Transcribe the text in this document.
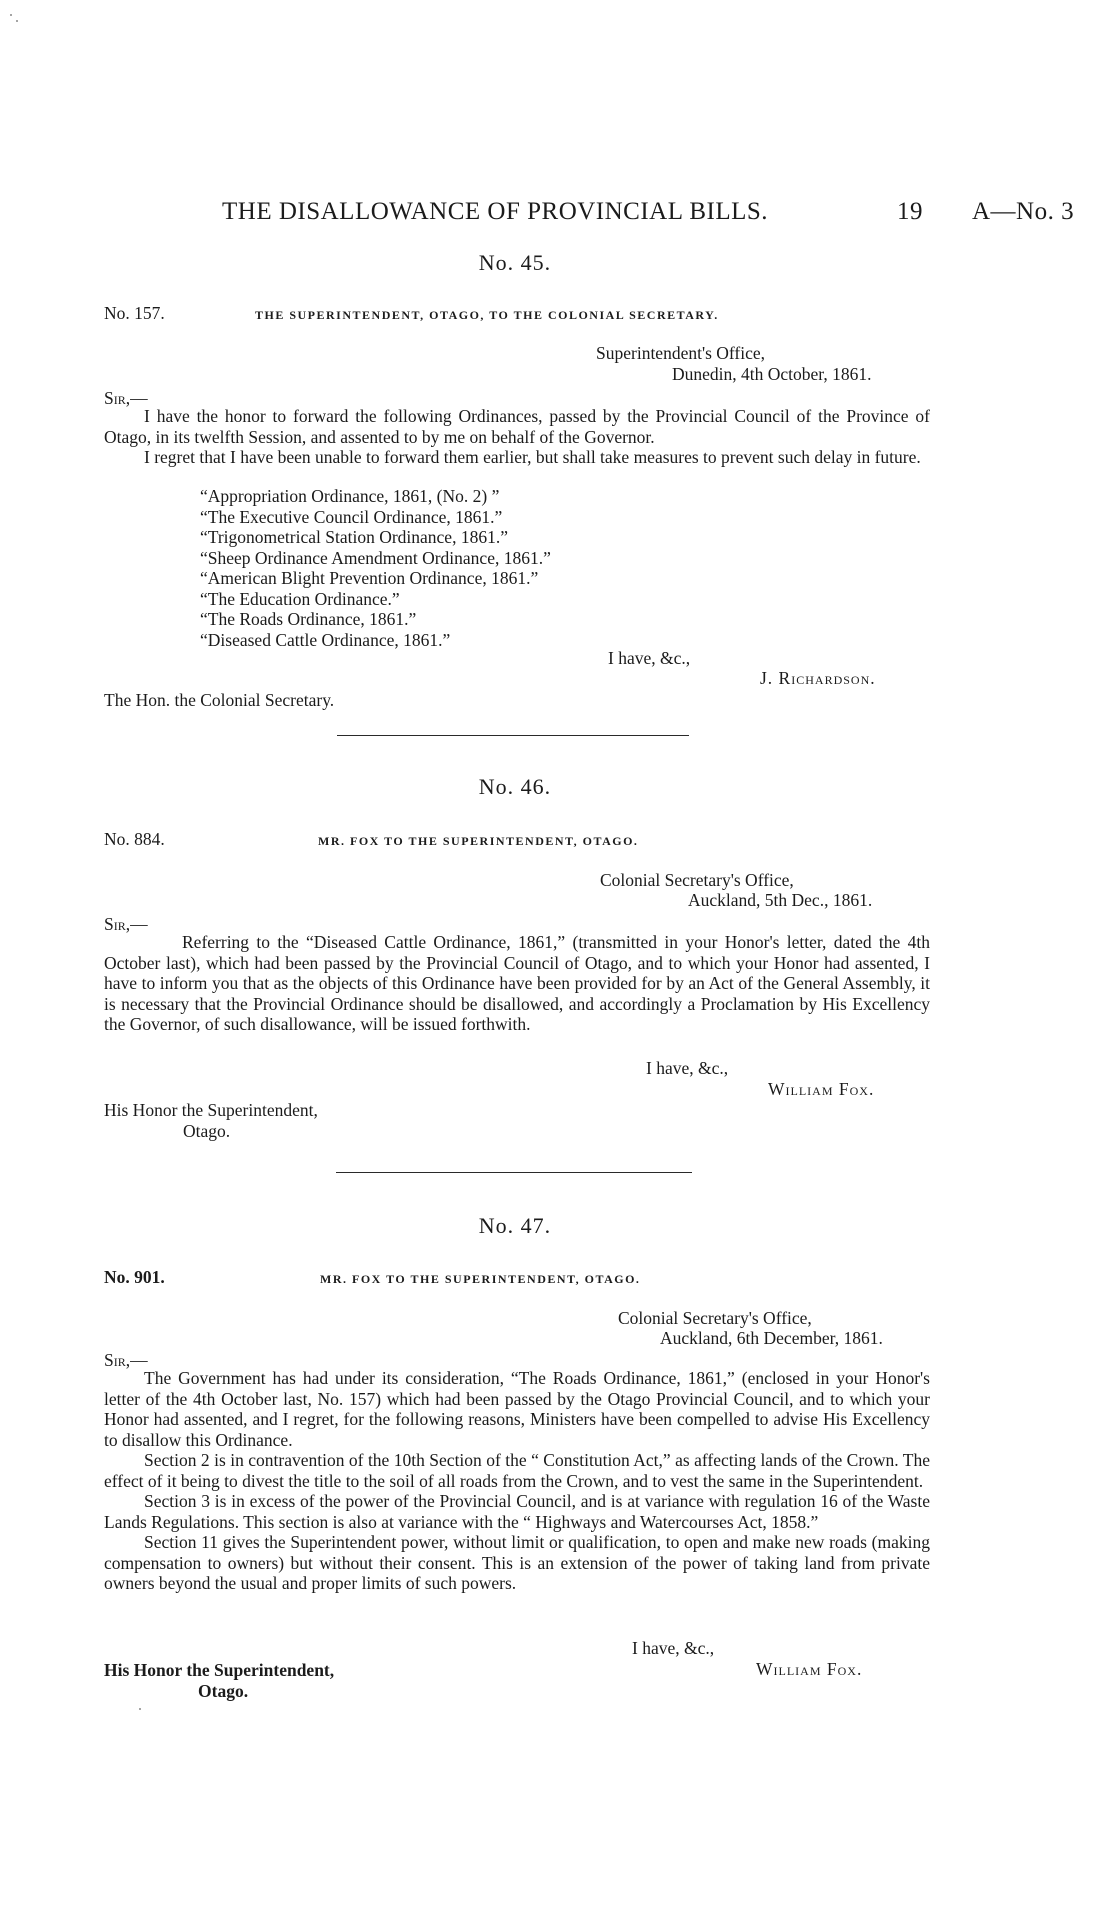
THE DISALLOWANCE OF PROVINCIAL BILLS.	19 A—No. 3
No. 45.
No. 157.	THE SUPERINTENDENT, OTAGO, TO THE COLONIAL SECRETARY.
Superintendent's Office,
Dunedin, 4th October, 1861.
Sir,—

I have the honor to forward the following Ordinances, passed by the Provincial Council of the Province of Otago, in its twelfth Session, and assented to by me on behalf of the Governor.

I regret that I have been unable to forward them earlier, but shall take measures to prevent such delay in future.

“Appropriation Ordinance, 1861, (No. 2) ”
“The Executive Council Ordinance, 1861.”
“Trigonometrical Station Ordinance, 1861.”
“Sheep Ordinance Amendment Ordinance, 1861.”
“American Blight Prevention Ordinance, 1861.”
“The Education Ordinance.”
“The Roads Ordinance, 1861.”
“Diseased Cattle Ordinance, 1861.”
I have, &c.,
J. Richardson.
The Hon. the Colonial Secretary.
No. 46.
No. 884.	MR. FOX TO THE SUPERINTENDENT, OTAGO.
Colonial Secretary's Office,
Auckland, 5th Dec., 1861.
Sir,—

Referring to the “Diseased Cattle Ordinance, 1861,” (transmitted in your Honor's letter, dated the 4th October last), which had been passed by the Provincial Council of Otago, and to which your Honor had assented, I have to inform you that as the objects of this Ordinance have been provided for by an Act of the General Assembly, it is necessary that the Provincial Ordinance should be disallowed, and accordingly a Proclamation by His Excellency the Governor, of such disallowance, will be issued forthwith.

I have, &c.,
William Fox.
His Honor the Superintendent,
Otago.
No. 47.
No. 901.	MR. FOX TO THE SUPERINTENDENT, OTAGO.
Colonial Secretary's Office,
Auckland, 6th December, 1861.
Sir,—

The Government has had under its consideration, “The Roads Ordinance, 1861,” (enclosed in your Honor's letter of the 4th October last, No. 157) which had been passed by the Otago Provincial Council, and to which your Honor had assented, and I regret, for the following reasons, Ministers have been compelled to advise His Excellency to disallow this Ordinance.

Section 2 is in contravention of the 10th Section of the “ Constitution Act,” as affecting lands of the Crown. The effect of it being to divest the title to the soil of all roads from the Crown, and to vest the same in the Superintendent.

Section 3 is in excess of the power of the Provincial Council, and is at variance with regulation 16 of the Waste Lands Regulations. This section is also at variance with the “ Highways and Watercourses Act, 1858.”

Section 11 gives the Superintendent power, without limit or qualification, to open and make new roads (making compensation to owners) but without their consent. This is an extension of the power of taking land from private owners beyond the usual and proper limits of such powers.

I have, &c.,
William Fox.
His Honor the Superintendent,
Otago.
